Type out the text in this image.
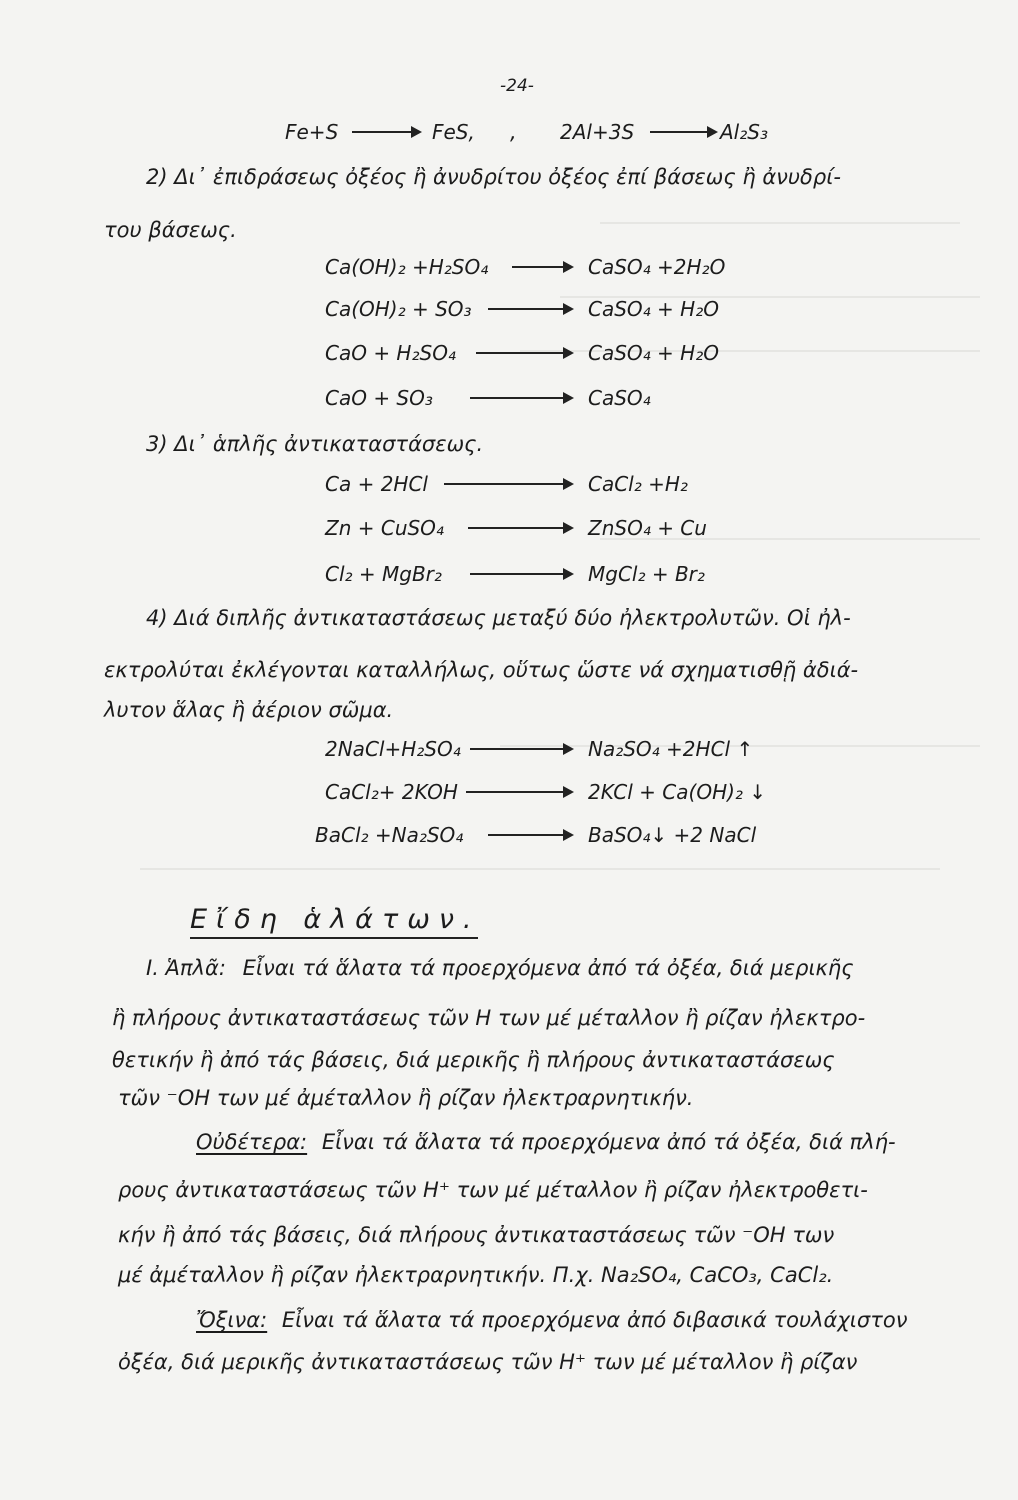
-24-
Fe+S	FeS, , 2Al+3S	Al₂S₃
2) Δι᾿ ἐπιδράσεως ὀξέος ἢ ἀνυδρίτου ὀξέος ἐπί βάσεως ἢ ἀνυδρί-
του βάσεως.
Ca(OH)₂ +H₂SO₄	CaSO₄ +2H₂O
Ca(OH)₂ + SO₃	CaSO₄ + H₂O
CaO + H₂SO₄	CaSO₄ + H₂O
CaO + SO₃	CaSO₄
3) Δι᾿ ἁπλῆς ἀντικαταστάσεως.
Ca + 2HCl	CaCl₂ +H₂
Zn + CuSO₄	ZnSO₄ + Cu
Cl₂ + MgBr₂	MgCl₂ + Br₂
4) Διά διπλῆς ἀντικαταστάσεως μεταξύ δύο ἠλεκτρολυτῶν. Οἱ ἠλ-
εκτρολύται ἐκλέγονται καταλλήλως, οὕτως ὥστε νά σχηματισθῇ ἀδιά-
λυτον ἅλας ἢ ἀέριον σῶμα.
2NaCl+H₂SO₄	Na₂SO₄ +2HCl ↑
CaCl₂+ 2KOH	2KCl + Ca(OH)₂ ↓
BaCl₂ +Na₂SO₄	BaSO₄↓ +2 NaCl
Εἴδη ἁλάτων.
I. Ἁπλᾶ: Εἶναι τά ἅλατα τά προερχόμενα ἀπό τά ὀξέα, διά μερικῆς
ἢ πλήρους ἀντικαταστάσεως τῶν H των μέ μέταλλον ἢ ρίζαν ἠλεκτρο-
θετικήν ἢ ἀπό τάς βάσεις, διά μερικῆς ἢ πλήρους ἀντικαταστάσεως
τῶν ⁻OH των μέ ἀμέταλλον ἢ ρίζαν ἠλεκτραρνητικήν.
Οὐδέτερα: Εἶναι τά ἅλατα τά προερχόμενα ἀπό τά ὀξέα, διά πλή-
ρους ἀντικαταστάσεως τῶν H⁺ των μέ μέταλλον ἢ ρίζαν ἠλεκτροθετι-
κήν ἢ ἀπό τάς βάσεις, διά πλήρους ἀντικαταστάσεως τῶν ⁻OH των
μέ ἀμέταλλον ἢ ρίζαν ἠλεκτραρνητικήν. Π.χ. Na₂SO₄, CaCO₃, CaCl₂.
Ὄξινα: Εἶναι τά ἅλατα τά προερχόμενα ἀπό διβασικά τουλάχιστον
ὀξέα, διά μερικῆς ἀντικαταστάσεως τῶν H⁺ των μέ μέταλλον ἢ ρίζαν
